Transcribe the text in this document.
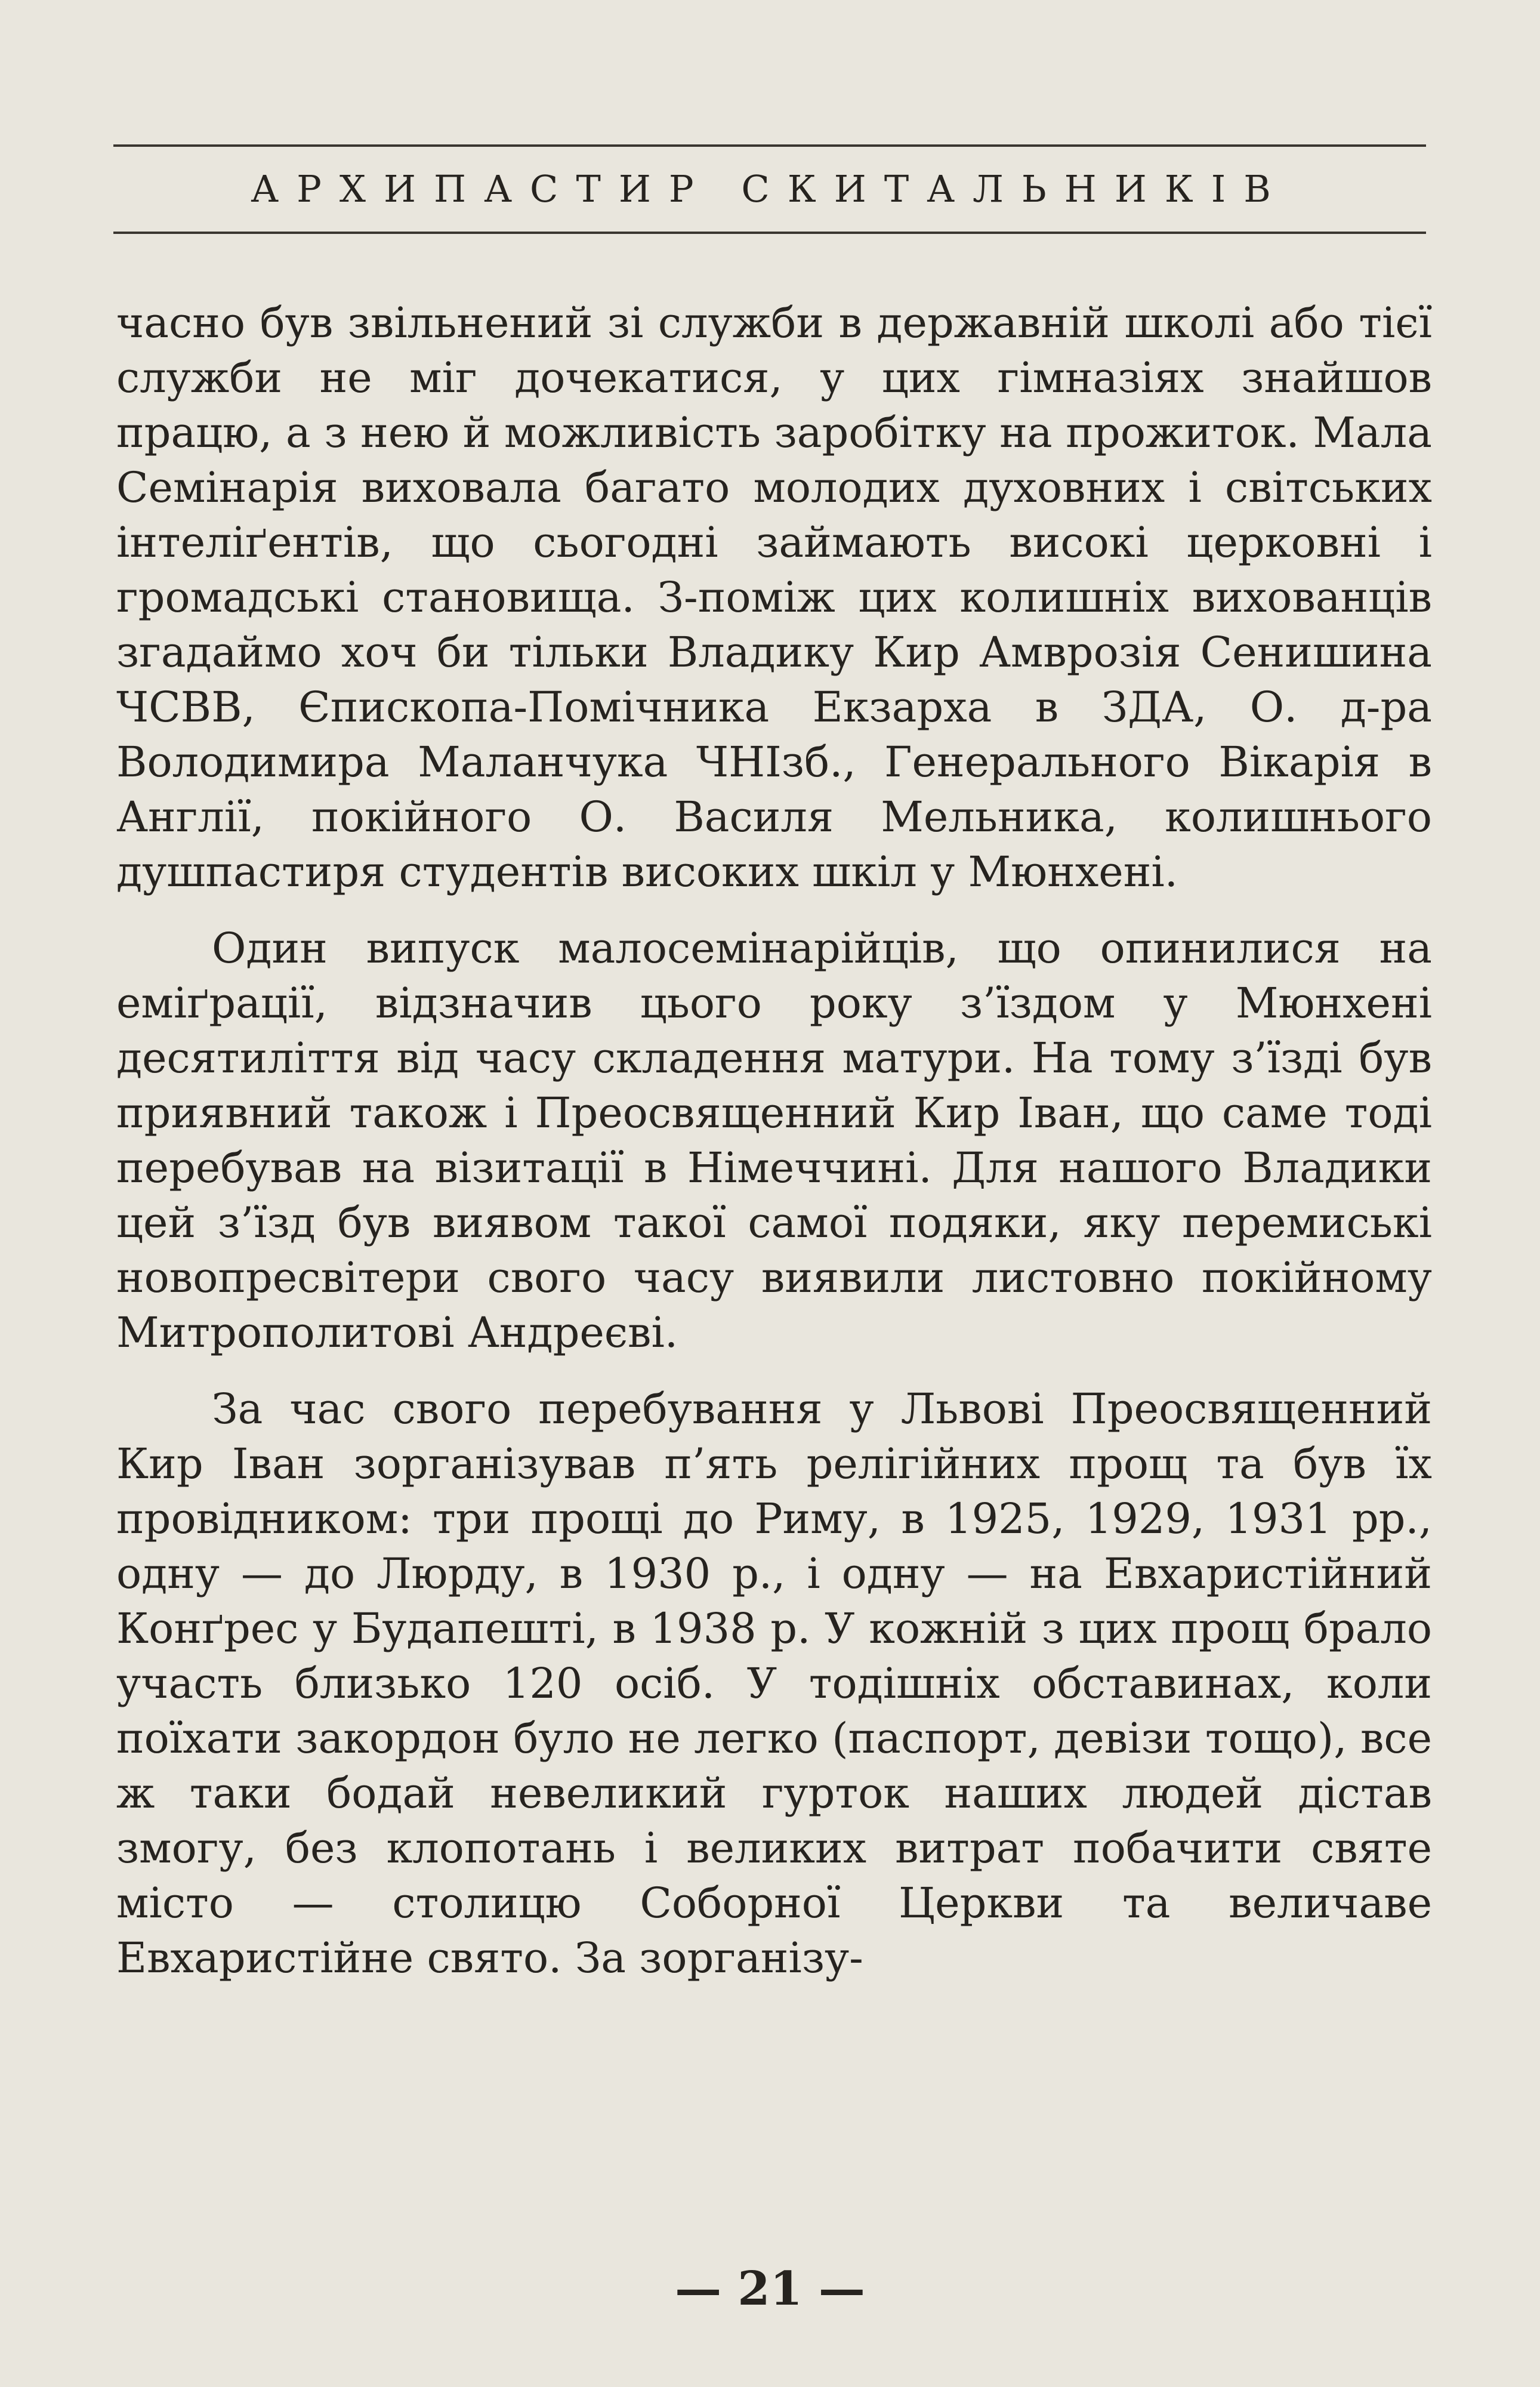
АРХИПАСТИР СКИТАЛЬНИКІВ

часно був звільнений зі служби в державній школі або тієї служби не міг дочекатися, у цих гімназіях знайшов працю, а з нею й можливість заробітку на прожиток. Мала Семінарія виховала багато молодих духовних і світських інтеліґентів, що сьогодні займають високі церковні і громадські становища. З-поміж цих колишніх вихованців згадаймо хоч би тільки Владику Кир Амврозія Сенишина ЧСВВ, Єпископа-Помічника Екзарха в ЗДА, О. д-ра Володимира Маланчука ЧНІзб., Генерального Вікарія в Англії, покійного О. Василя Мельника, колишнього душпастиря студентів високих шкіл у Мюнхені.

Один випуск малосемінарійців, що опинилися на еміґрації, відзначив цього року з’їздом у Мюнхені десятиліття від часу складення матури. На тому з’їзді був приявний також і Преосвященний Кир Іван, що саме тоді перебував на візитації в Німеччині. Для нашого Владики цей з’їзд був виявом такої самої подяки, яку перемиські новопресвітери свого часу виявили листовно покійному Митрополитові Андреєві.

За час свого перебування у Львові Преосвященний Кир Іван зорганізував п’ять релігійних прощ та був їх провідником: три прощі до Риму, в 1925, 1929, 1931 рр., одну — до Люрду, в 1930 р., і одну — на Евхаристійний Конґрес у Будапешті, в 1938 р. У кожній з цих прощ брало участь близько 120 осіб. У тодішніх обставинах, коли поїхати закордон було не легко (паспорт, девізи тощо), все ж таки бодай невеликий гурток наших людей дістав змогу, без клопотань і великих витрат побачити святе місто — столицю Соборної Церкви та величаве Евхаристійне свято. За зорганізу-

— 21 —
